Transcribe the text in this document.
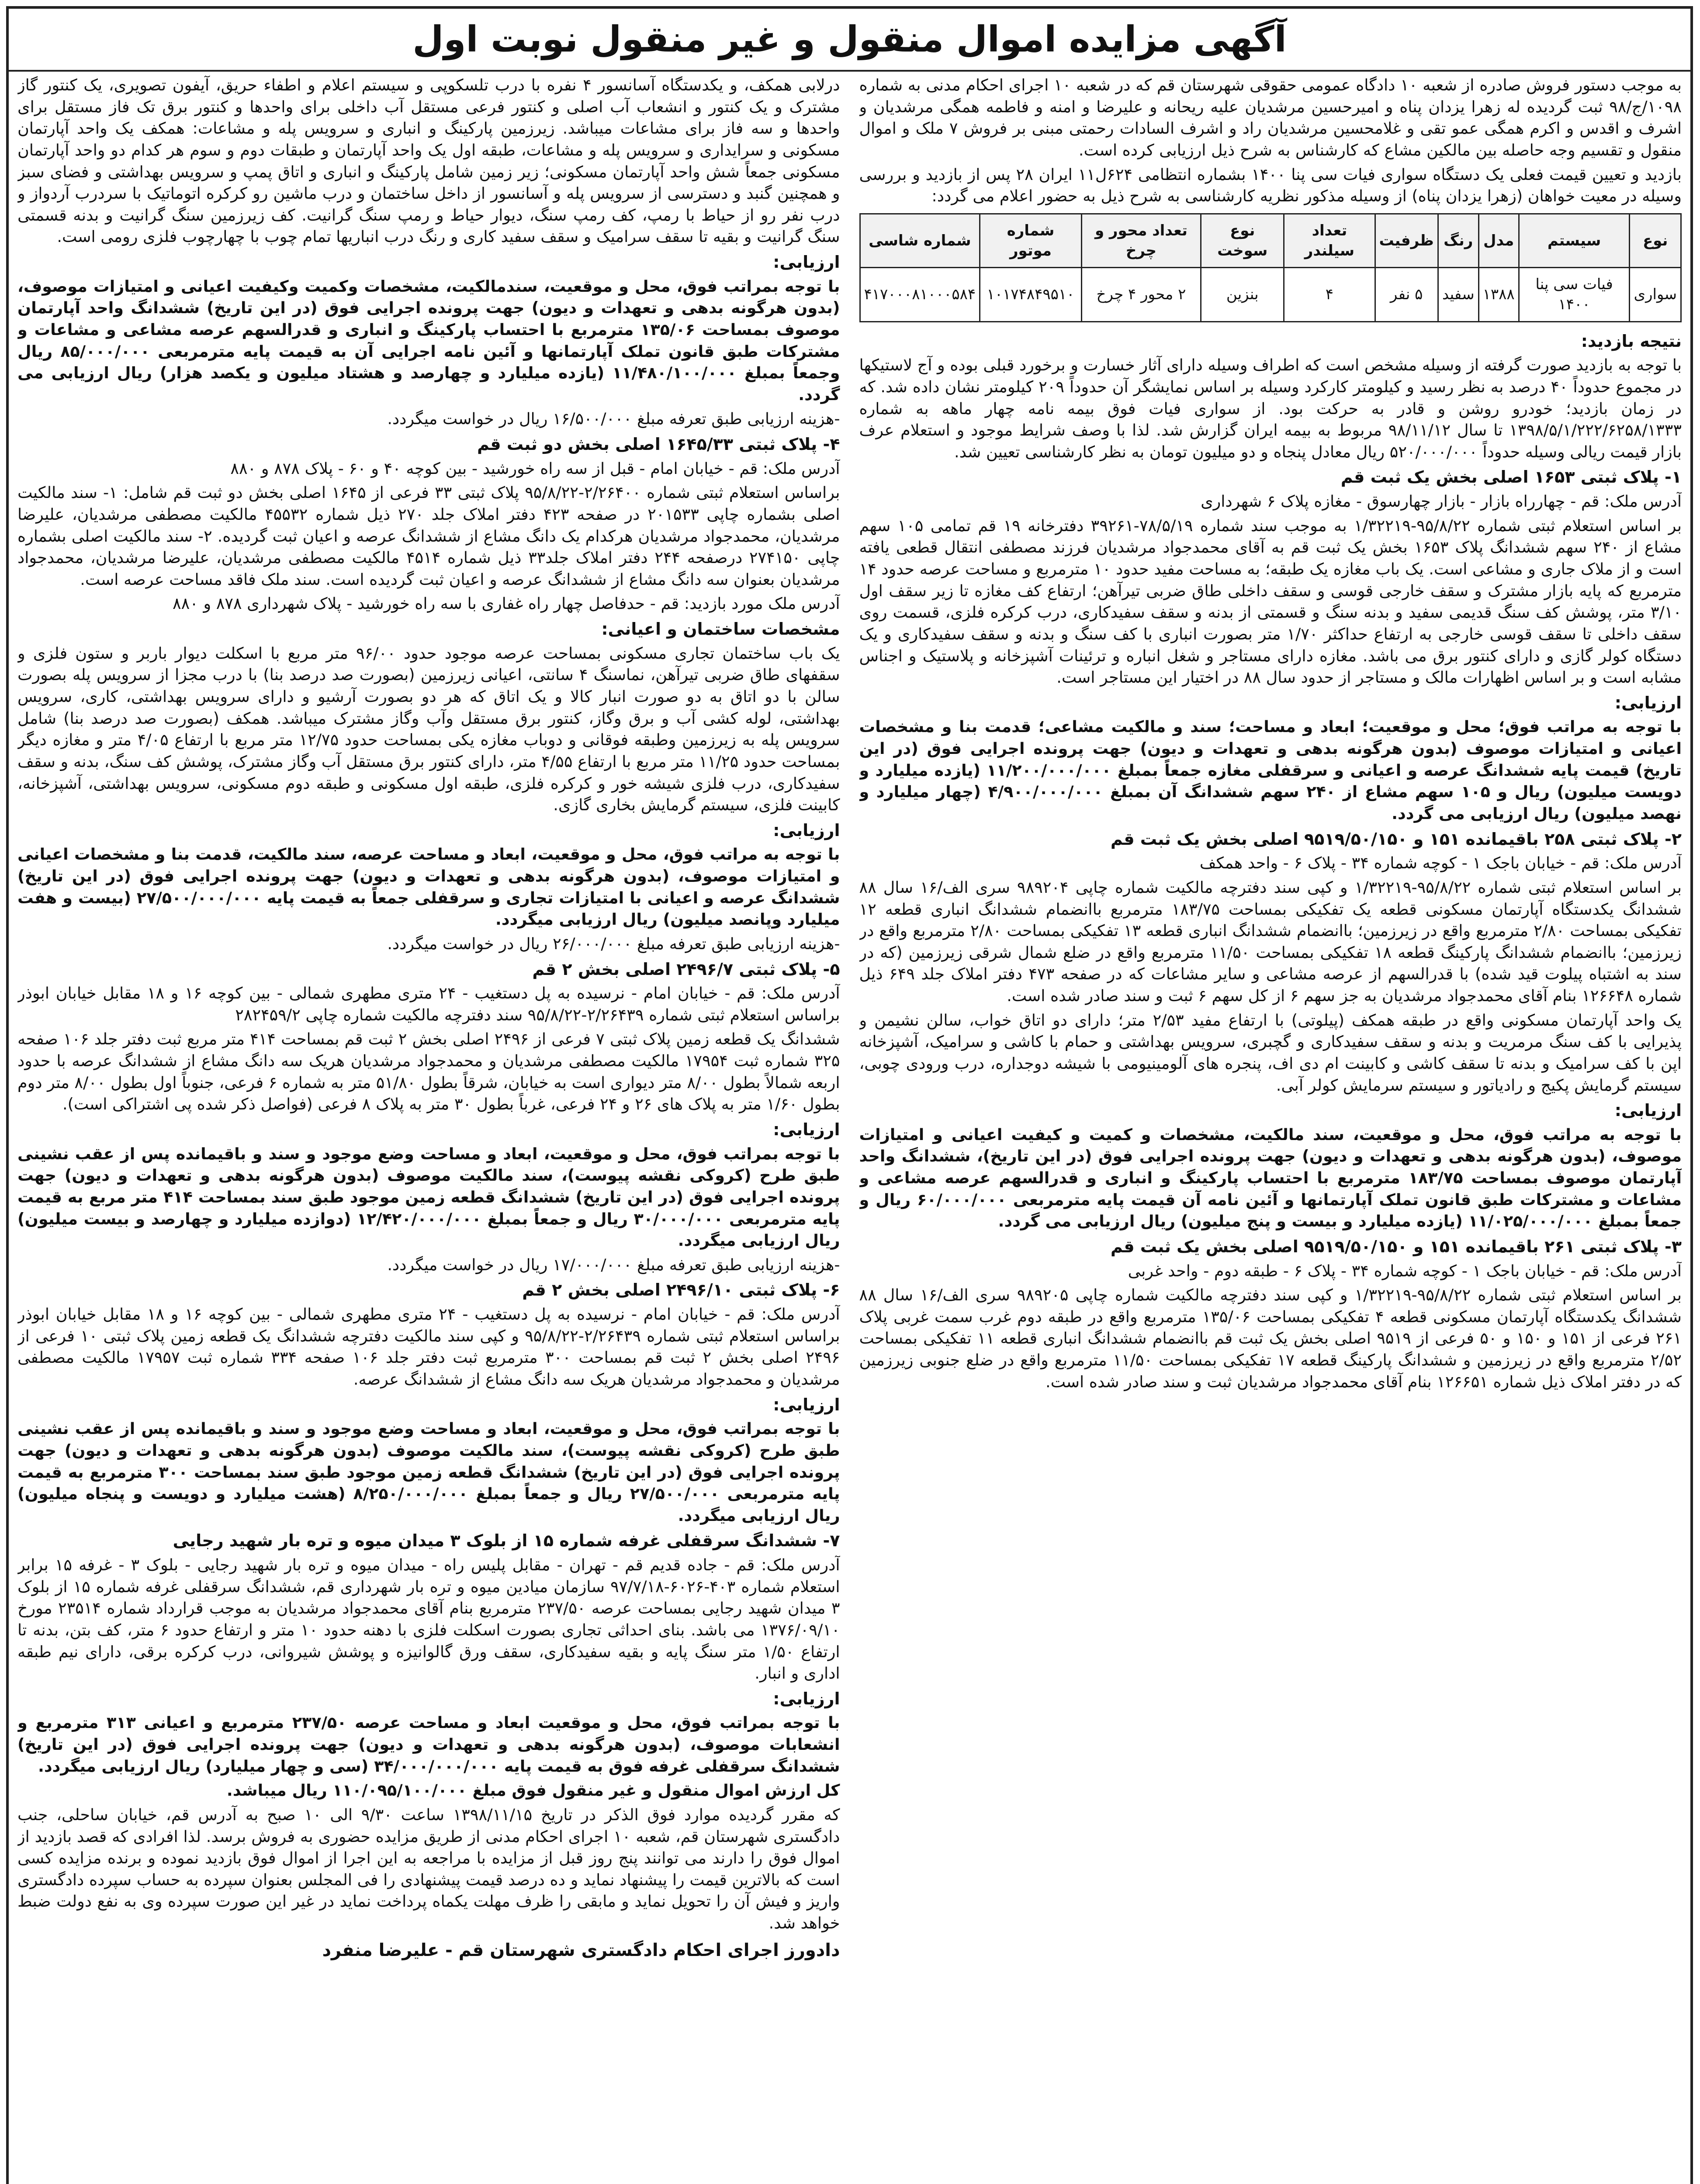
آگهی مزایده اموال منقول و غیر منقول نوبت اول

به موجب دستور فروش صادره از شعبه ۱۰ دادگاه عمومی حقوقی شهرستان قم که در شعبه ۱۰ اجرای احکام مدنی به شماره ۱۰۹۸/ج/۹۸ ثبت گردیده له زهرا یزدان پناه و امیرحسین مرشدیان علیه ریحانه و علیرضا و امنه و فاطمه همگی مرشدیان و اشرف و اقدس و اکرم همگی عمو تقی و غلامحسین مرشدیان راد و اشرف السادات رحمتی مبنی بر فروش ۷ ملک و اموال منقول و تقسیم وجه حاصله بین مالکین مشاع که کارشناس به شرح ذیل ارزیابی کرده است.

بازدید و تعیین قیمت فعلی یک دستگاه سواری فیات سی پنا ۱۴۰۰ بشماره انتظامی ۶۲۴ل۱۱ ایران ۲۸ پس از بازدید و بررسی وسیله در معیت خواهان (زهرا یزدان پناه) از وسیله مذکور نظریه کارشناسی به شرح ذیل به حضور اعلام می گردد:

نوع	سیستم	مدل	رنگ	ظرفیت	تعداد سیلندر	نوع سوخت	تعداد محور و چرخ	شماره موتور	شماره شاسی
سواری	فیات سی پنا ۱۴۰۰	۱۳۸۸	سفید	۵ نفر	۴	بنزین	۲ محور ۴ چرخ	۱۰۱۷۴۸۴۹۵۱۰	۴۱۷۰۰۰۸۱۰۰۰۵۸۴
نتیجه بازدید:

با توجه به بازدید صورت گرفته از وسیله مشخص است که اطراف وسیله دارای آثار خسارت و برخورد قبلی بوده و آج لاستیکها در مجموع حدوداً ۴۰ درصد به نظر رسید و کیلومتر کارکرد وسیله بر اساس نمایشگر آن حدوداً ۲۰۹ کیلومتر نشان داده شد. که در زمان بازدید؛ خودرو روشن و قادر به حرکت بود. از سواری فیات فوق بیمه نامه چهار ماهه به شماره ۱۳۹۸/۵/۱/۲۲۲/۶۲۵۸/۱۳۳۳ تا سال ۹۸/۱۱/۱۲ مربوط به بیمه ایران گزارش شد. لذا با وصف شرایط موجود و استعلام عرف بازار قیمت ریالی وسیله حدوداً ۵۲۰/۰۰۰/۰۰۰ ریال معادل پنجاه و دو میلیون تومان به نظر کارشناسی تعیین شد.

۱- پلاک ثبتی ۱۶۵۳ اصلی بخش یک ثبت قم

آدرس ملک: قم - چهارراه بازار - بازار چهارسوق - مغازه پلاک ۶ شهرداری

بر اساس استعلام ثبتی شماره ۹۵/۸/۲۲-۱/۳۲۲۱۹ به موجب سند شماره ۷۸/۵/۱۹-۳۹۲۶۱ دفترخانه ۱۹ قم تمامی ۱۰۵ سهم مشاع از ۲۴۰ سهم ششدانگ پلاک ۱۶۵۳ بخش یک ثبت قم به آقای محمدجواد مرشدیان فرزند مصطفی انتقال قطعی یافته است و از ملاک جاری و مشاعی است. یک باب مغازه یک طبقه؛ به مساحت مفید حدود ۱۰ مترمربع و مساحت عرصه حدود ۱۴ مترمربع که پایه بازار مشترک و سقف خارجی قوسی و سقف داخلی طاق ضربی تیرآهن؛ ارتفاع کف مغازه تا زیر سقف اول ۳/۱۰ متر، پوشش کف سنگ قدیمی سفید و بدنه سنگ و قسمتی از بدنه و سقف سفیدکاری، درب کرکره فلزی، قسمت روی سقف داخلی تا سقف قوسی خارجی به ارتفاع حداکثر ۱/۷۰ متر بصورت انباری با کف سنگ و بدنه و سقف سفیدکاری و یک دستگاه کولر گازی و دارای کنتور برق می باشد. مغازه دارای مستاجر و شغل انباره و ترئینات آشپزخانه و پلاستیک و اجناس مشابه است و بر اساس اظهارات مالک و مستاجر از حدود سال ۸۸ در اختیار این مستاجر است.

ارزیابی:

با توجه به مراتب فوق؛ محل و موقعیت؛ ابعاد و مساحت؛ سند و مالکیت مشاعی؛ قدمت بنا و مشخصات اعیانی و امتیازات موصوف (بدون هرگونه بدهی و تعهدات و دیون) جهت پرونده اجرایی فوق (در این تاریخ) قیمت پایه ششدانگ عرصه و اعیانی و سرقفلی مغازه جمعاً بمبلغ ۱۱/۲۰۰/۰۰۰/۰۰۰ (یازده میلیارد و دویست میلیون) ریال و ۱۰۵ سهم مشاع از ۲۴۰ سهم ششدانگ آن بمبلغ ۴/۹۰۰/۰۰۰/۰۰۰ (چهار میلیارد و نهصد میلیون) ریال ارزیابی می گردد.

۲- پلاک ثبتی ۲۵۸ باقیمانده ۱۵۱ و ۹۵۱۹/۵۰/۱۵۰ اصلی بخش یک ثبت قم

آدرس ملک: قم - خیابان باجک ۱ - کوچه شماره ۳۴ - پلاک ۶ - واحد همکف

بر اساس استعلام ثبتی شماره ۹۵/۸/۲۲-۱/۳۲۲۱۹ و کپی سند دفترچه مالکیت شماره چاپی ۹۸۹۲۰۴ سری الف/۱۶ سال ۸۸ ششدانگ یکدستگاه آپارتمان مسکونی قطعه یک تفکیکی بمساحت ۱۸۳/۷۵ مترمربع باانضمام ششدانگ انباری قطعه ۱۲ تفکیکی بمساحت ۲/۸۰ مترمربع واقع در زیرزمین؛ باانضمام ششدانگ انباری قطعه ۱۳ تفکیکی بمساحت ۲/۸۰ مترمربع واقع در زیرزمین؛ باانضمام ششدانگ پارکینگ قطعه ۱۸ تفکیکی بمساحت ۱۱/۵۰ مترمربع واقع در ضلع شمال شرقی زیرزمین (که در سند به اشتباه پیلوت قید شده) با قدرالسهم از عرصه مشاعی و سایر مشاعات که در صفحه ۴۷۳ دفتر املاک جلد ۶۴۹ ذیل شماره ۱۲۶۶۴۸ بنام آقای محمدجواد مرشدیان به جز سهم ۶ از کل سهم ۶ ثبت و سند صادر شده است.

یک واحد آپارتمان مسکونی واقع در طبقه همکف (پیلوتی) با ارتفاع مفید ۲/۵۳ متر؛ دارای دو اتاق خواب، سالن نشیمن و پذیرایی با کف سنگ مرمریت و بدنه و سقف سفیدکاری و گچبری، سرویس بهداشتی و حمام با کاشی و سرامیک، آشپزخانه اپن با کف سرامیک و بدنه تا سقف کاشی و کابینت ام دی اف، پنجره های آلومینیومی با شیشه دوجداره، درب ورودی چوبی، سیستم گرمایش پکیج و رادیاتور و سیستم سرمایش کولر آبی.

ارزیابی:

با توجه به مراتب فوق، محل و موقعیت، سند مالکیت، مشخصات و کمیت و کیفیت اعیانی و امتیازات موصوف، (بدون هرگونه بدهی و تعهدات و دیون) جهت پرونده اجرایی فوق (در این تاریخ)، ششدانگ واحد آپارتمان موصوف بمساحت ۱۸۳/۷۵ مترمربع با احتساب پارکینگ و انباری و قدرالسهم عرصه مشاعی و مشاعات و مشترکات طبق قانون تملک آپارتمانها و آئین نامه آن قیمت پایه مترمربعی ۶۰/۰۰۰/۰۰۰ ریال و جمعاً بمبلغ ۱۱/۰۲۵/۰۰۰/۰۰۰ (یازده میلیارد و بیست و پنج میلیون) ریال ارزیابی می گردد.

۳- پلاک ثبتی ۲۶۱ باقیمانده ۱۵۱ و ۹۵۱۹/۵۰/۱۵۰ اصلی بخش یک ثبت قم

آدرس ملک: قم - خیابان باجک ۱ - کوچه شماره ۳۴ - پلاک ۶ - طبقه دوم - واحد غربی

بر اساس استعلام ثبتی شماره ۹۵/۸/۲۲-۱/۳۲۲۱۹ و کپی سند دفترچه مالکیت شماره چاپی ۹۸۹۲۰۵ سری الف/۱۶ سال ۸۸ ششدانگ یکدستگاه آپارتمان مسکونی قطعه ۴ تفکیکی بمساحت ۱۳۵/۰۶ مترمربع واقع در طبقه دوم غرب سمت غربی پلاک ۲۶۱ فرعی از ۱۵۱ و ۱۵۰ و ۵۰ فرعی از ۹۵۱۹ اصلی بخش یک ثبت قم باانضمام ششدانگ انباری قطعه ۱۱ تفکیکی بمساحت ۲/۵۲ مترمربع واقع در زیرزمین و ششدانگ پارکینگ قطعه ۱۷ تفکیکی بمساحت ۱۱/۵۰ مترمربع واقع در ضلع جنوبی زیرزمین که در دفتر املاک ذیل شماره ۱۲۶۶۵۱ بنام آقای محمدجواد مرشدیان ثبت و سند صادر شده است.

درلابی همکف، و یکدستگاه آسانسور ۴ نفره با درب تلسکوپی و سیستم اعلام و اطفاء حریق، آیفون تصویری، یک کنتور گاز مشترک و یک کنتور و انشعاب آب اصلی و کنتور فرعی مستقل آب داخلی برای واحدها و کنتور برق تک فاز مستقل برای واحدها و سه فاز برای مشاعات میباشد. زیرزمین پارکینگ و انباری و سرویس پله و مشاعات: همکف یک واحد آپارتمان مسکونی و سرایداری و سرویس پله و مشاعات، طبقه اول یک واحد آپارتمان و طبقات دوم و سوم هر کدام دو واحد آپارتمان مسکونی جمعاً شش واحد آپارتمان مسکونی؛ زیر زمین شامل پارکینگ و انباری و اتاق پمپ و سرویس بهداشتی و فضای سبز و همچنین گنبد و دسترسی از سرویس پله و آسانسور از داخل ساختمان و درب ماشین رو کرکره اتوماتیک با سردرب آردواز و درب نفر رو از حیاط با رمپ، کف رمپ سنگ، دیوار حیاط و رمپ سنگ گرانیت. کف زیرزمین سنگ گرانیت و بدنه قسمتی سنگ گرانیت و بقیه تا سقف سرامیک و سقف سفید کاری و رنگ درب انباریها تمام چوب با چهارچوب فلزی رومی است.

ارزیابی:

با توجه بمراتب فوق، محل و موقعیت، سندمالکیت، مشخصات وکمیت وکیفیت اعیانی و امتیازات موصوف، (بدون هرگونه بدهی و تعهدات و دیون) جهت پرونده اجرایی فوق (در این تاریخ) ششدانگ واحد آپارتمان موصوف بمساحت ۱۳۵/۰۶ مترمربع با احتساب پارکینگ و انباری و قدرالسهم عرصه مشاعی و مشاعات و مشترکات طبق قانون تملک آپارتمانها و آئین نامه اجرایی آن به قیمت پایه مترمربعی ۸۵/۰۰۰/۰۰۰ ریال وجمعاً بمبلغ ۱۱/۴۸۰/۱۰۰/۰۰۰ (یازده میلیارد و چهارصد و هشتاد میلیون و یکصد هزار) ریال ارزیابی می گردد.

-هزینه ارزیابی طبق تعرفه مبلغ ۱۶/۵۰۰/۰۰۰ ریال در خواست میگردد.

۴- پلاک ثبتی ۱۶۴۵/۳۳ اصلی بخش دو ثبت قم

آدرس ملک: قم - خیابان امام - قبل از سه راه خورشید - بین کوچه ۴۰ و ۶۰ - پلاک ۸۷۸ و ۸۸۰

براساس استعلام ثبتی شماره ۲/۲۶۴۰۰-۹۵/۸/۲۲ پلاک ثبتی ۳۳ فرعی از ۱۶۴۵ اصلی بخش دو ثبت قم شامل: ۱- سند مالکیت اصلی بشماره چاپی ۲۰۱۵۳۳ در صفحه ۴۲۳ دفتر املاک جلد ۲۷۰ ذیل شماره ۴۵۵۳۲ مالکیت مصطفی مرشدیان، علیرضا مرشدیان، محمدجواد مرشدیان هرکدام یک دانگ مشاع از ششدانگ عرصه و اعیان ثبت گردیده. ۲- سند مالکیت اصلی بشماره چاپی ۲۷۴۱۵۰ درصفحه ۲۴۴ دفتر املاک جلد۳۳ ذیل شماره ۴۵۱۴ مالکیت مصطفی مرشدیان، علیرضا مرشدیان، محمدجواد مرشدیان بعنوان سه دانگ مشاع از ششدانگ عرصه و اعیان ثبت گردیده است. سند ملک فاقد مساحت عرصه است.

آدرس ملک مورد بازدید: قم - حدفاصل چهار راه غفاری با سه راه خورشید - پلاک شهرداری ۸۷۸ و ۸۸۰

مشخصات ساختمان و اعیانی:

یک باب ساختمان تجاری مسکونی بمساحت عرصه موجود حدود ۹۶/۰۰ متر مربع با اسکلت دیوار باربر و ستون فلزی و سقفهای طاق ضربی تیرآهن، نماسنگ ۴ سانتی، اعیانی زیرزمین (بصورت صد درصد بنا) با درب مجزا از سرویس پله بصورت سالن با دو اتاق به دو صورت انبار کالا و یک اتاق که هر دو بصورت آرشیو و دارای سرویس بهداشتی، کاری، سرویس بهداشتی، لوله کشی آب و برق وگاز، کنتور برق مستقل وآب وگاز مشترک میباشد. همکف (بصورت صد درصد بنا) شامل سرویس پله به زیرزمین وطبقه فوقانی و دوباب مغازه یکی بمساحت حدود ۱۲/۷۵ متر مربع با ارتفاع ۴/۰۵ متر و مغازه دیگر بمساحت حدود ۱۱/۲۵ متر مربع با ارتفاع ۴/۵۵ متر، دارای کنتور برق مستقل آب وگاز مشترک، پوشش کف سنگ، بدنه و سقف سفیدکاری، درب فلزی شیشه خور و کرکره فلزی، طبقه اول مسکونی و طبقه دوم مسکونی، سرویس بهداشتی، آشپزخانه، کابینت فلزی، سیستم گرمایش بخاری گازی.

ارزیابی:

با توجه به مراتب فوق، محل و موقعیت، ابعاد و مساحت عرصه، سند مالکیت، قدمت بنا و مشخصات اعیانی و امتیازات موصوف، (بدون هرگونه بدهی و تعهدات و دیون) جهت پرونده اجرایی فوق (در این تاریخ) ششدانگ عرصه و اعیانی با امتیازات تجاری و سرقفلی جمعاً به قیمت پایه ۲۷/۵۰۰/۰۰۰/۰۰۰ (بیست و هفت میلیارد وپانصد میلیون) ریال ارزیابی میگردد.

-هزینه ارزیابی طبق تعرفه مبلغ ۲۶/۰۰۰/۰۰۰ ریال در خواست میگردد.

۵- پلاک ثبتی ۲۴۹۶/۷ اصلی بخش ۲ قم

آدرس ملک: قم - خیابان امام - نرسیده به پل دستغیب - ۲۴ متری مطهری شمالی - بین کوچه ۱۶ و ۱۸ مقابل خیابان ابوذر براساس استعلام ثبتی شماره ۲/۲۶۴۳۹-۹۵/۸/۲۲ سند دفترچه مالکیت شماره چاپی ۲۸۲۴۵۹/۲

ششدانگ یک قطعه زمین پلاک ثبتی ۷ فرعی از ۲۴۹۶ اصلی بخش ۲ ثبت قم بمساحت ۴۱۴ متر مربع ثبت دفتر جلد ۱۰۶ صفحه ۳۲۵ شماره ثبت ۱۷۹۵۴ مالکیت مصطفی مرشدیان و محمدجواد مرشدیان هریک سه دانگ مشاع از ششدانگ عرصه با حدود اربعه شمالاً بطول ۸/۰۰ متر دیواری است به خیابان، شرقاً بطول ۵۱/۸۰ متر به شماره ۶ فرعی، جنوباً اول بطول ۸/۰۰ متر دوم بطول ۱/۶۰ متر به پلاک های ۲۶ و ۲۴ فرعی، غرباً بطول ۳۰ متر به پلاک ۸ فرعی (فواصل ذکر شده پی اشتراکی است).

ارزیابی:

با توجه بمراتب فوق، محل و موقعیت، ابعاد و مساحت وضع موجود و سند و باقیمانده پس از عقب نشینی طبق طرح (کروکی نقشه پیوست)، سند مالکیت موصوف (بدون هرگونه بدهی و تعهدات و دیون) جهت پرونده اجرایی فوق (در این تاریخ) ششدانگ قطعه زمین موجود طبق سند بمساحت ۴۱۴ متر مربع به قیمت پایه مترمربعی ۳۰/۰۰۰/۰۰۰ ریال و جمعاً بمبلغ ۱۲/۴۲۰/۰۰۰/۰۰۰ (دوازده میلیارد و چهارصد و بیست میلیون) ریال ارزیابی میگردد.

-هزینه ارزیابی طبق تعرفه مبلغ ۱۷/۰۰۰/۰۰۰ ریال در خواست میگردد.

۶- پلاک ثبتی ۲۴۹۶/۱۰ اصلی بخش ۲ قم

آدرس ملک: قم - خیابان امام - نرسیده به پل دستغیب - ۲۴ متری مطهری شمالی - بین کوچه ۱۶ و ۱۸ مقابل خیابان ابوذر براساس استعلام ثبتی شماره ۲/۲۶۴۳۹-۹۵/۸/۲۲ و کپی سند مالکیت دفترچه ششدانگ یک قطعه زمین پلاک ثبتی ۱۰ فرعی از ۲۴۹۶ اصلی بخش ۲ ثبت قم بمساحت ۳۰۰ مترمربع ثبت دفتر جلد ۱۰۶ صفحه ۳۳۴ شماره ثبت ۱۷۹۵۷ مالکیت مصطفی مرشدیان و محمدجواد مرشدیان هریک سه دانگ مشاع از ششدانگ عرصه.

ارزیابی:

با توجه بمراتب فوق، محل و موقعیت، ابعاد و مساحت وضع موجود و سند و باقیمانده پس از عقب نشینی طبق طرح (کروکی نقشه پیوست)، سند مالکیت موصوف (بدون هرگونه بدهی و تعهدات و دیون) جهت پرونده اجرایی فوق (در این تاریخ) ششدانگ قطعه زمین موجود طبق سند بمساحت ۳۰۰ مترمربع به قیمت پایه مترمربعی ۲۷/۵۰۰/۰۰۰ ریال و جمعاً بمبلغ ۸/۲۵۰/۰۰۰/۰۰۰ (هشت میلیارد و دویست و پنجاه میلیون) ریال ارزیابی میگردد.

۷- ششدانگ سرقفلی غرفه شماره ۱۵ از بلوک ۳ میدان میوه و تره بار شهید رجایی

آدرس ملک: قم - جاده قدیم قم - تهران - مقابل پلیس راه - میدان میوه و تره بار شهید رجایی - بلوک ۳ - غرفه ۱۵ برابر استعلام شماره ۴۰۳-۶۰۲۶-۹۷/۷/۱۸ سازمان میادین میوه و تره بار شهرداری قم، ششدانگ سرقفلی غرفه شماره ۱۵ از بلوک ۳ میدان شهید رجایی بمساحت عرصه ۲۳۷/۵۰ مترمربع بنام آقای محمدجواد مرشدیان به موجب قرارداد شماره ۲۳۵۱۴ مورخ ۱۳۷۶/۰۹/۱۰ می باشد. بنای احداثی تجاری بصورت اسکلت فلزی با دهنه حدود ۱۰ متر و ارتفاع حدود ۶ متر، کف بتن، بدنه تا ارتفاع ۱/۵۰ متر سنگ پایه و بقیه سفیدکاری، سقف ورق گالوانیزه و پوشش شیروانی، درب کرکره برقی، دارای نیم طبقه اداری و انبار.

ارزیابی:

با توجه بمراتب فوق، محل و موقعیت ابعاد و مساحت عرصه ۲۳۷/۵۰ مترمربع و اعیانی ۳۱۳ مترمربع و انشعابات موصوف، (بدون هرگونه بدهی و تعهدات و دیون) جهت پرونده اجرایی فوق (در این تاریخ) ششدانگ سرقفلی غرفه فوق به قیمت پایه ۳۴/۰۰۰/۰۰۰/۰۰۰ (سی و چهار میلیارد) ریال ارزیابی میگردد.

کل ارزش اموال منقول و غیر منقول فوق مبلغ ۱۱۰/۰۹۵/۱۰۰/۰۰۰ ریال میباشد.

که مقرر گردیده موارد فوق الذکر در تاریخ ۱۳۹۸/۱۱/۱۵ ساعت ۹/۳۰ الی ۱۰ صبح به آدرس قم، خیابان ساحلی، جنب دادگستری شهرستان قم، شعبه ۱۰ اجرای احکام مدنی از طریق مزایده حضوری به فروش برسد. لذا افرادی که قصد بازدید از اموال فوق را دارند می توانند پنج روز قبل از مزایده با مراجعه به این اجرا از اموال فوق بازدید نموده و برنده مزایده کسی است که بالاترین قیمت را پیشنهاد نماید و ده درصد قیمت پیشنهادی را فی المجلس بعنوان سپرده به حساب سپرده دادگستری واریز و فیش آن را تحویل نماید و مابقی را ظرف مهلت یکماه پرداخت نماید در غیر این صورت سپرده وی به نفع دولت ضبط خواهد شد.

دادورز اجرای احکام دادگستری شهرستان قم - علیرضا منفرد
